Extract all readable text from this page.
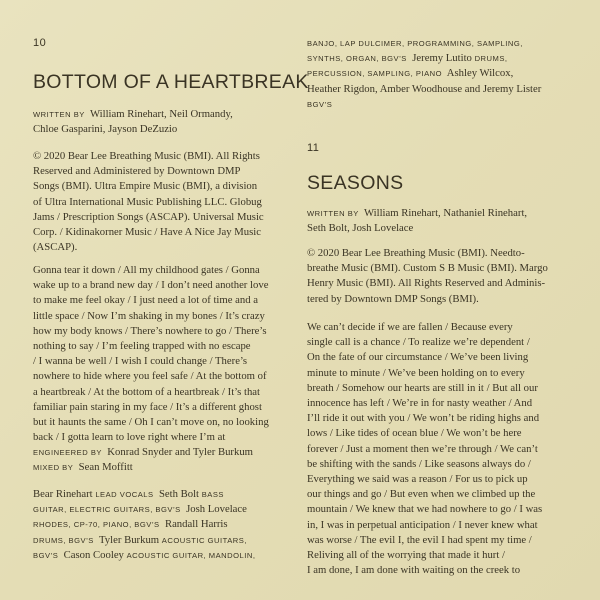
10
BOTTOM OF A HEARTBREAK
WRITTEN BY William Rinehart, Neil Ormandy,
Chloe Gasparini, Jayson DeZuzio
© 2020 Bear Lee Breathing Music (BMI). All Rights
Reserved and Administered by Downtown DMP
Songs (BMI). Ultra Empire Music (BMI), a division
of Ultra International Music Publishing LLC. Globug
Jams / Prescription Songs (ASCAP). Universal Music
Corp. / Kidinakorner Music / Have A Nice Jay Music
(ASCAP).
Gonna tear it down / All my childhood gates / Gonna
wake up to a brand new day / I don’t need another love
to make me feel okay / I just need a lot of time and a
little space / Now I’m shaking in my bones / It’s crazy
how my body knows / There’s nowhere to go / There’s
nothing to say / I’m feeling trapped with no escape
/ I wanna be well / I wish I could change / There’s
nowhere to hide where you feel safe / At the bottom of
a heartbreak / At the bottom of a heartbreak / It’s that
familiar pain staring in my face / It’s a different ghost
but it haunts the same / Oh I can’t move on, no looking
back / I gotta learn to love right where I’m at
ENGINEERED BY Konrad Snyder and Tyler Burkum
MIXED BY Sean Moffitt
Bear Rinehart LEAD VOCALS Seth Bolt BASS
GUITAR, ELECTRIC GUITARS, BGV’S Josh Lovelace
RHODES, CP-70, PIANO, BGV’S Randall Harris
DRUMS, BGV’S Tyler Burkum ACOUSTIC GUITARS,
BGV’S Cason Cooley ACOUSTIC GUITAR, MANDOLIN,
BANJO, LAP DULCIMER, PROGRAMMING, SAMPLING,
SYNTHS, ORGAN, BGV’S Jeremy Lutito DRUMS,
PERCUSSION, SAMPLING, PIANO Ashley Wilcox,
Heather Rigdon, Amber Woodhouse and Jeremy Lister
BGV’S
11
SEASONS
WRITTEN BY William Rinehart, Nathaniel Rinehart,
Seth Bolt, Josh Lovelace
© 2020 Bear Lee Breathing Music (BMI). Needto-
breathe Music (BMI). Custom S B Music (BMI). Margo
Henry Music (BMI). All Rights Reserved and Adminis-
tered by Downtown DMP Songs (BMI).
We can’t decide if we are fallen / Because every
single call is a chance / To realize we’re dependent /
On the fate of our circumstance / We’ve been living
minute to minute / We’ve been holding on to every
breath / Somehow our hearts are still in it / But all our
innocence has left / We’re in for nasty weather / And
I’ll ride it out with you / We won’t be riding highs and
lows / Like tides of ocean blue / We won’t be here
forever / Just a moment then we’re through / We can’t
be shifting with the sands / Like seasons always do /
Everything we said was a reason / For us to pick up
our things and go / But even when we climbed up the
mountain / We knew that we had nowhere to go / I was
in, I was in perpetual anticipation / I never knew what
was worse / The evil I, the evil I had spent my time /
Reliving all of the worrying that made it hurt /
I am done, I am done with waiting on the creek to
